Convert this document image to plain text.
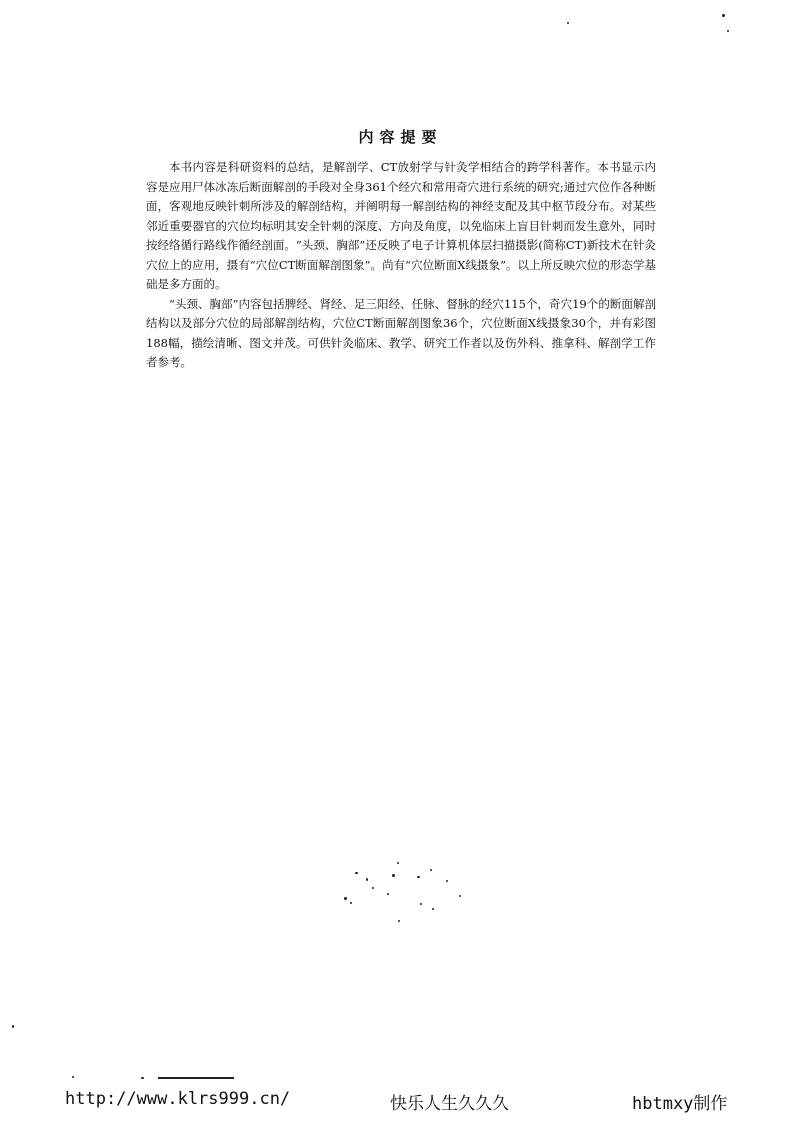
内容提要

本书内容是科研资料的总结，是解剖学、CT放射学与针灸学相结合的跨学科著作。本书显示内容是应用尸体冰冻后断面解剖的手段对全身361个经穴和常用奇穴进行系统的研究;通过穴位作各种断面，客观地反映针刺所涉及的解剖结构，并阐明每一解剖结构的神经支配及其中枢节段分布。对某些邻近重要器官的穴位均标明其安全针刺的深度、方向及角度，以免临床上盲目针刺而发生意外，同时按经络循行路线作循经剖面。“头颈、胸部”还反映了电子计算机体层扫描摄影(简称CT)新技术在针灸穴位上的应用，摄有“穴位CT断面解剖图象”。尚有“穴位断面X线摄象”。以上所反映穴位的形态学基础是多方面的。

“头颈、胸部”内容包括脾经、肾经、足三阳经、任脉、督脉的经穴115个，奇穴19个的断面解剖结构以及部分穴位的局部解剖结构，穴位CT断面解剖图象36个，穴位断面X线摄象30个，并有彩图188幅，描绘清晰、图文并茂。可供针灸临床、教学、研究工作者以及伤外科、推拿科、解剖学工作者参考。

http://www.klrs999.cn/	快乐人生久久久	hbtmxy制作
